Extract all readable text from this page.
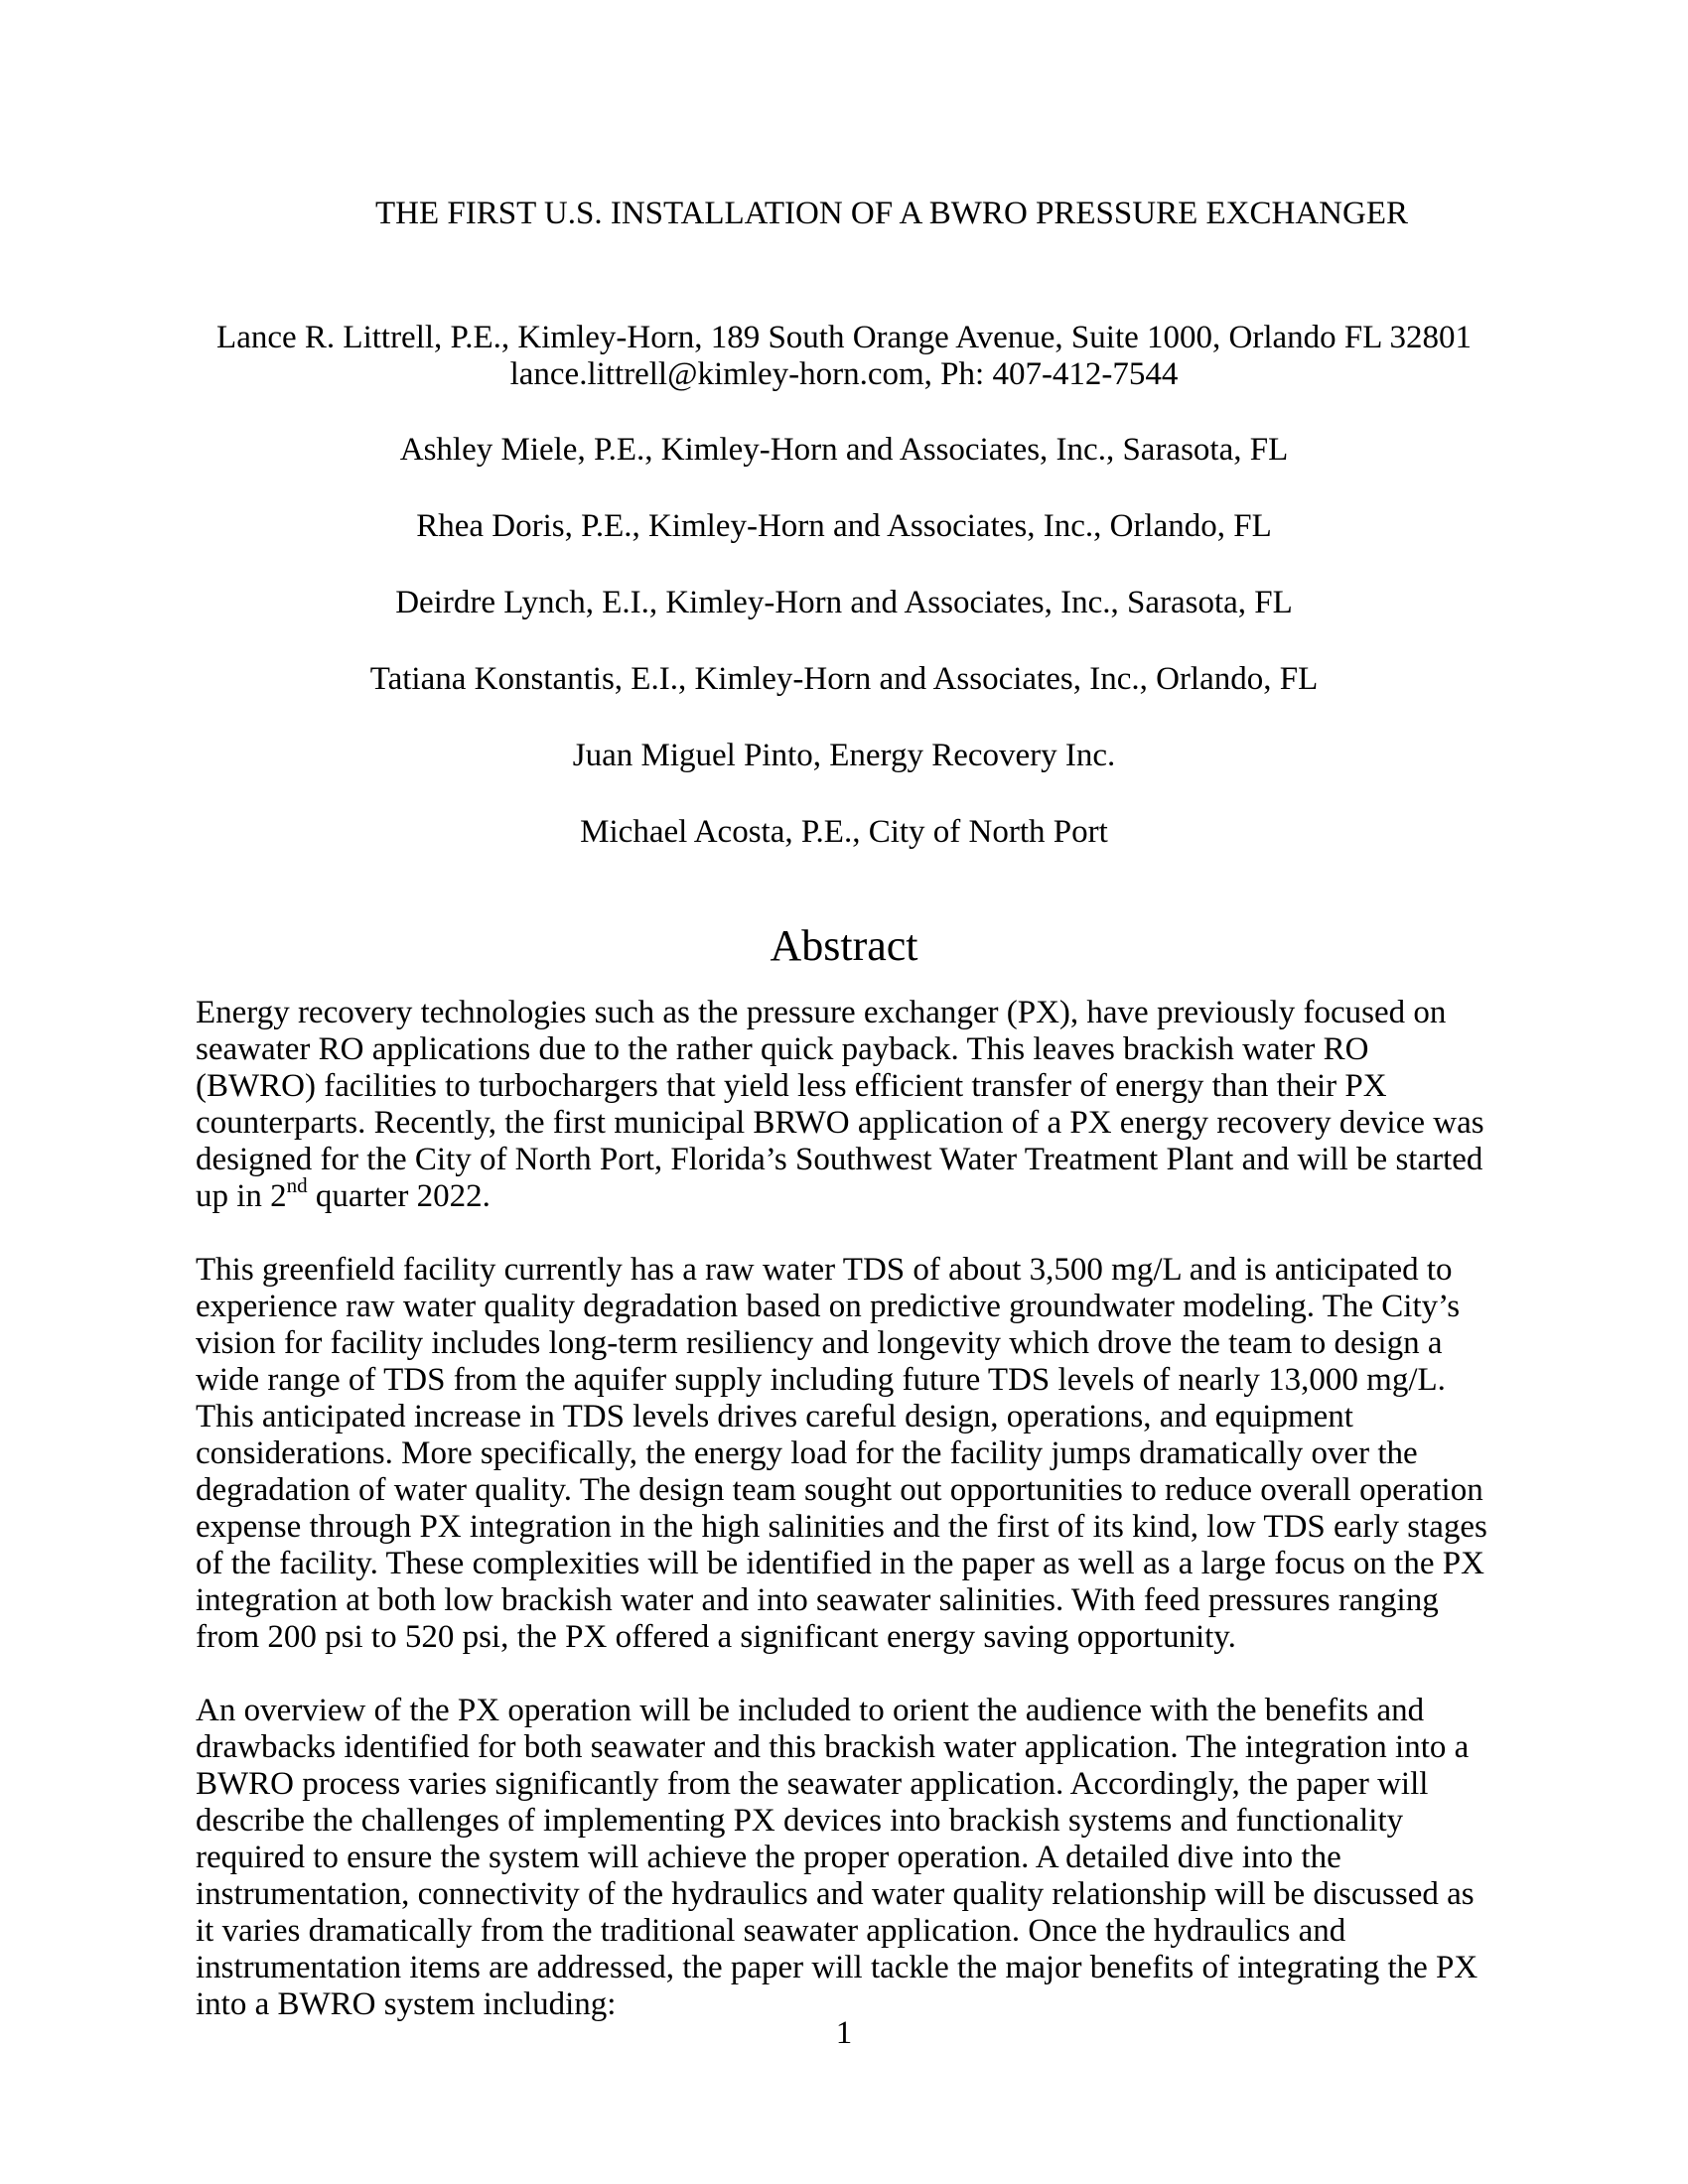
THE FIRST U.S. INSTALLATION OF A BWRO PRESSURE EXCHANGER
Lance R. Littrell, P.E., Kimley-Horn, 189 South Orange Avenue, Suite 1000, Orlando FL 32801
lance.littrell@kimley-horn.com, Ph: 407-412-7544

Ashley Miele, P.E., Kimley-Horn and Associates, Inc., Sarasota, FL

Rhea Doris, P.E., Kimley-Horn and Associates, Inc., Orlando, FL

Deirdre Lynch, E.I., Kimley-Horn and Associates, Inc., Sarasota, FL

Tatiana Konstantis, E.I., Kimley-Horn and Associates, Inc., Orlando, FL

Juan Miguel Pinto, Energy Recovery Inc.

Michael Acosta, P.E., City of North Port

Abstract

Energy recovery technologies such as the pressure exchanger (PX), have previously focused on seawater RO applications due to the rather quick payback. This leaves brackish water RO (BWRO) facilities to turbochargers that yield less efficient transfer of energy than their PX counterparts. Recently, the first municipal BRWO application of a PX energy recovery device was designed for the City of North Port, Florida’s Southwest Water Treatment Plant and will be started up in 2nd quarter 2022.

This greenfield facility currently has a raw water TDS of about 3,500 mg/L and is anticipated to experience raw water quality degradation based on predictive groundwater modeling. The City’s vision for facility includes long-term resiliency and longevity which drove the team to design a wide range of TDS from the aquifer supply including future TDS levels of nearly 13,000 mg/L. This anticipated increase in TDS levels drives careful design, operations, and equipment considerations. More specifically, the energy load for the facility jumps dramatically over the degradation of water quality. The design team sought out opportunities to reduce overall operation expense through PX integration in the high salinities and the first of its kind, low TDS early stages of the facility. These complexities will be identified in the paper as well as a large focus on the PX integration at both low brackish water and into seawater salinities. With feed pressures ranging from 200 psi to 520 psi, the PX offered a significant energy saving opportunity.

An overview of the PX operation will be included to orient the audience with the benefits and drawbacks identified for both seawater and this brackish water application. The integration into a BWRO process varies significantly from the seawater application. Accordingly, the paper will describe the challenges of implementing PX devices into brackish systems and functionality required to ensure the system will achieve the proper operation. A detailed dive into the instrumentation, connectivity of the hydraulics and water quality relationship will be discussed as it varies dramatically from the traditional seawater application. Once the hydraulics and instrumentation items are addressed, the paper will tackle the major benefits of integrating the PX into a BWRO system including:

1
